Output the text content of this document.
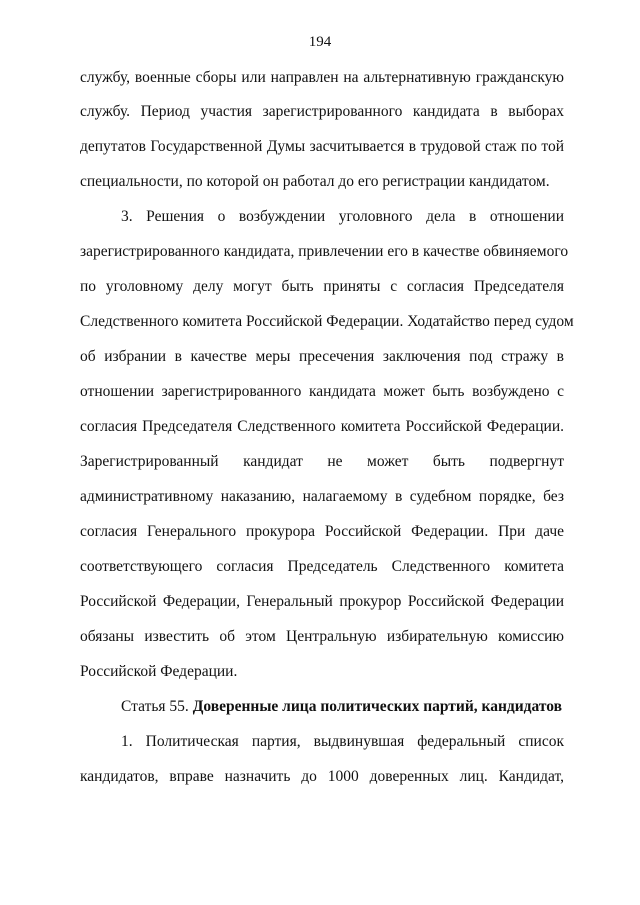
194
службу, военные сборы или направлен на альтернативную гражданскую
службу. Период участия зарегистрированного кандидата в выборах
депутатов Государственной Думы засчитывается в трудовой стаж по той
специальности, по которой он работал до его регистрации кандидатом.
3. Решения о возбуждении уголовного дела в отношении
зарегистрированного кандидата, привлечении его в качестве обвиняемого
по уголовному делу могут быть приняты с согласия Председателя
Следственного комитета Российской Федерации. Ходатайство перед судом
об избрании в качестве меры пресечения заключения под стражу в
отношении зарегистрированного кандидата может быть возбуждено с
согласия Председателя Следственного комитета Российской Федерации.
Зарегистрированный кандидат не может быть подвергнут
административному наказанию, налагаемому в судебном порядке, без
согласия Генерального прокурора Российской Федерации. При даче
соответствующего согласия Председатель Следственного комитета
Российской Федерации, Генеральный прокурор Российской Федерации
обязаны известить об этом Центральную избирательную комиссию
Российской Федерации.
Статья 55. Доверенные лица политических партий, кандидатов
1. Политическая партия, выдвинувшая федеральный список
кандидатов, вправе назначить до 1000 доверенных лиц. Кандидат,
